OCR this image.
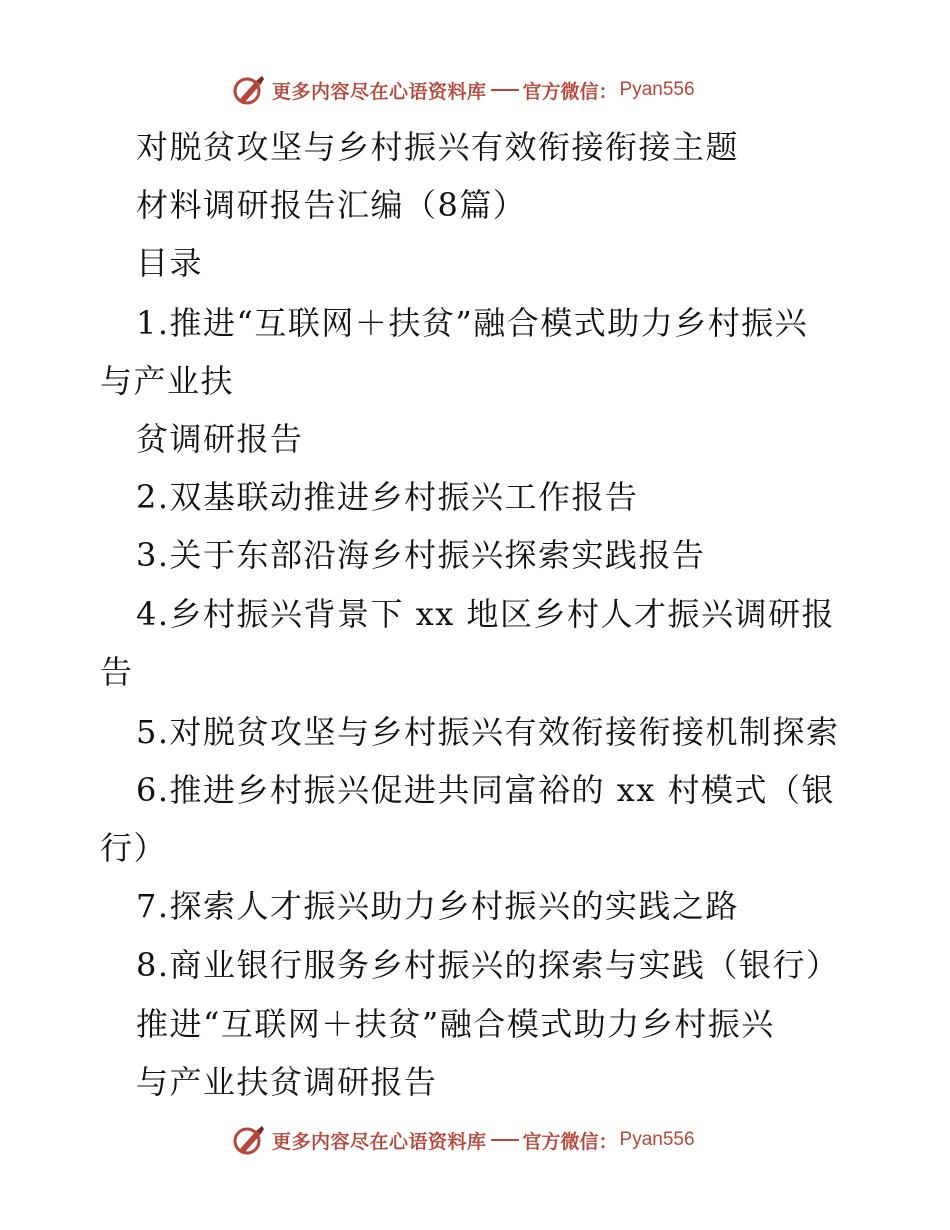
更多内容尽在心语资料库 官方微信： Pyan556

对脱贫攻坚与乡村振兴有效衔接衔接主题

材料调研报告汇编（8篇）

目录

1.推进“互联网＋扶贫”融合模式助力乡村振兴

与产业扶

贫调研报告

2.双基联动推进乡村振兴工作报告

3.关于东部沿海乡村振兴探索实践报告

4.乡村振兴背景下 xx 地区乡村人才振兴调研报

告

5.对脱贫攻坚与乡村振兴有效衔接衔接机制探索

6.推进乡村振兴促进共同富裕的 xx 村模式（银

行）

7.探索人才振兴助力乡村振兴的实践之路

8.商业银行服务乡村振兴的探索与实践（银行）

推进“互联网＋扶贫”融合模式助力乡村振兴

与产业扶贫调研报告

更多内容尽在心语资料库 官方微信： Pyan556
